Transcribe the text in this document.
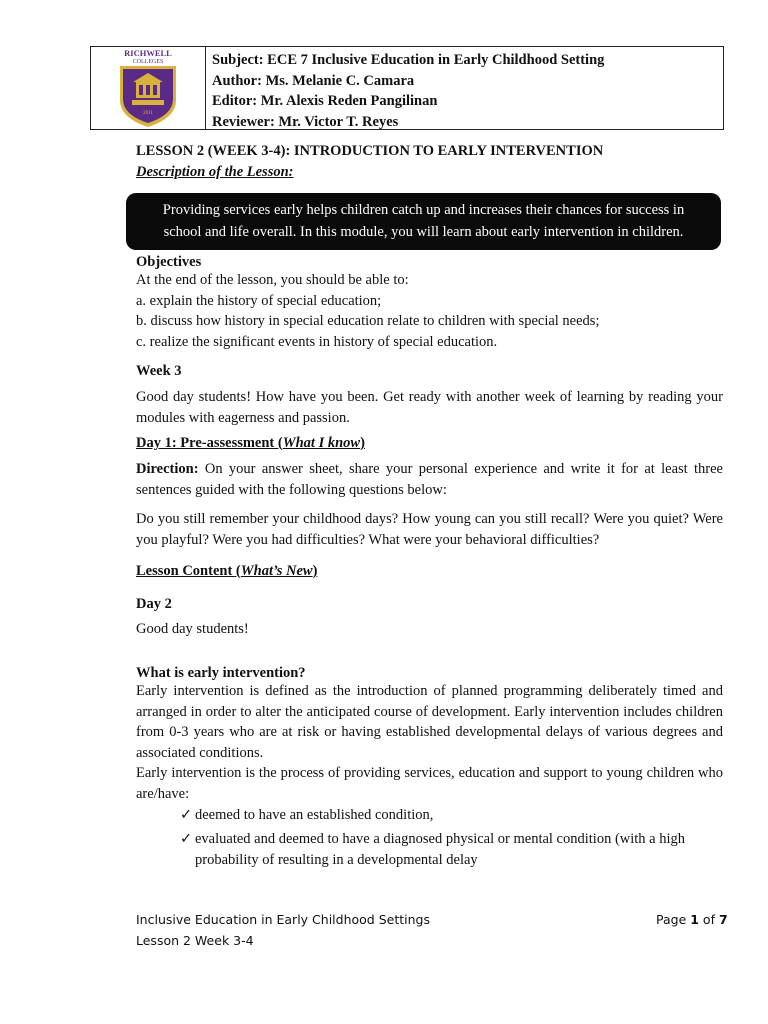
RICHWELL
COLLEGES
2011
Subject: ECE 7 Inclusive Education in Early Childhood Setting
Author: Ms. Melanie C. Camara
Editor: Mr. Alexis Reden Pangilinan
Reviewer: Mr. Victor T. Reyes
LESSON 2 (WEEK 3-4): INTRODUCTION TO EARLY INTERVENTION
Description of the Lesson:
Providing services early helps children catch up and increases their chances for success in
school and life overall. In this module, you will learn about early intervention in children.
Objectives
At the end of the lesson, you should be able to:
a. explain the history of special education;
b. discuss how history in special education relate to children with special needs;
c. realize the significant events in history of special education.
Week 3
Good day students! How have you been. Get ready with another week of learning by reading your modules with eagerness and passion.
Day 1: Pre-assessment (What I know)
Direction: On your answer sheet, share your personal experience and write it for at least three sentences guided with the following questions below:
Do you still remember your childhood days? How young can you still recall? Were you quiet? Were you playful? Were you had difficulties? What were your behavioral difficulties?
Lesson Content (What’s New)
Day 2
Good day students!
What is early intervention?
Early intervention is defined as the introduction of planned programming deliberately timed and arranged in order to alter the anticipated course of development. Early intervention includes children from 0-3 years who are at risk or having established developmental delays of various degrees and associated conditions.
Early intervention is the process of providing services, education and support to young children who are/have:
✓ deemed to have an established condition,
✓ evaluated and deemed to have a diagnosed physical or mental condition (with a high
probability of resulting in a developmental delay
Inclusive Education in Early Childhood Settings
Lesson 2 Week 3-4
Page 1 of 7
